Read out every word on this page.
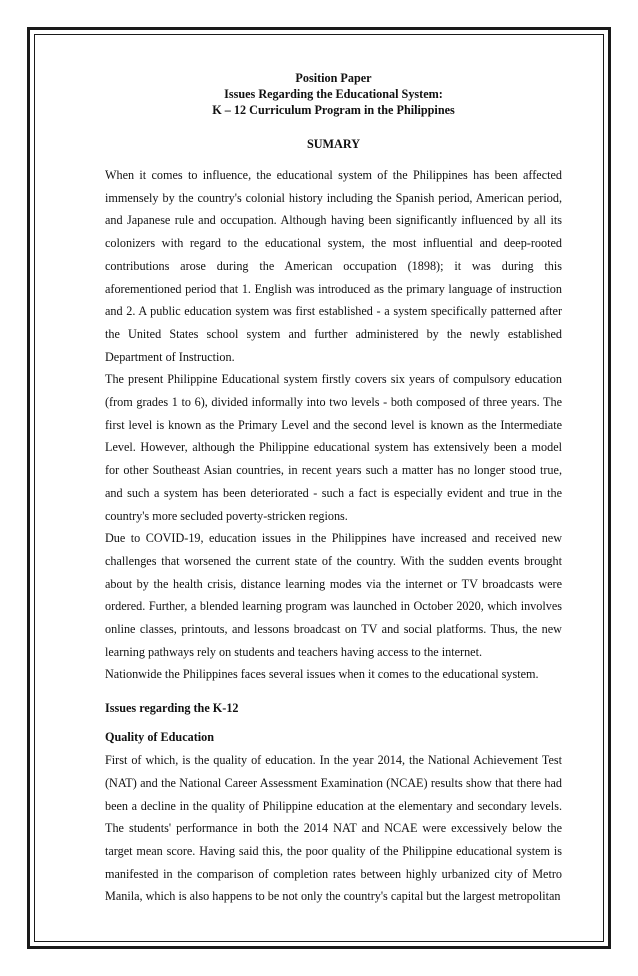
Position Paper
Issues Regarding the Educational System:
K – 12 Curriculum Program in the Philippines
SUMARY

When it comes to influence, the educational system of the Philippines has been affected immensely by the country's colonial history including the Spanish period, American period, and Japanese rule and occupation. Although having been significantly influenced by all its colonizers with regard to the educational system, the most influential and deep-rooted contributions arose during the American occupation (1898); it was during this aforementioned period that 1. English was introduced as the primary language of instruction and 2. A public education system was first established - a system specifically patterned after the United States school system and further administered by the newly established Department of Instruction.

The present Philippine Educational system firstly covers six years of compulsory education (from grades 1 to 6), divided informally into two levels - both composed of three years. The first level is known as the Primary Level and the second level is known as the Intermediate Level. However, although the Philippine educational system has extensively been a model for other Southeast Asian countries, in recent years such a matter has no longer stood true, and such a system has been deteriorated - such a fact is especially evident and true in the country's more secluded poverty-stricken regions.

Due to COVID-19, education issues in the Philippines have increased and received new challenges that worsened the current state of the country. With the sudden events brought about by the health crisis, distance learning modes via the internet or TV broadcasts were ordered. Further, a blended learning program was launched in October 2020, which involves online classes, printouts, and lessons broadcast on TV and social platforms. Thus, the new learning pathways rely on students and teachers having access to the internet.

Nationwide the Philippines faces several issues when it comes to the educational system.

Issues regarding the K-12
Quality of Education

First of which, is the quality of education. In the year 2014, the National Achievement Test (NAT) and the National Career Assessment Examination (NCAE) results show that there had been a decline in the quality of Philippine education at the elementary and secondary levels. The students' performance in both the 2014 NAT and NCAE were excessively below the target mean score. Having said this, the poor quality of the Philippine educational system is manifested in the comparison of completion rates between highly urbanized city of Metro Manila, which is also happens to be not only the country's capital but the largest metropolitan
